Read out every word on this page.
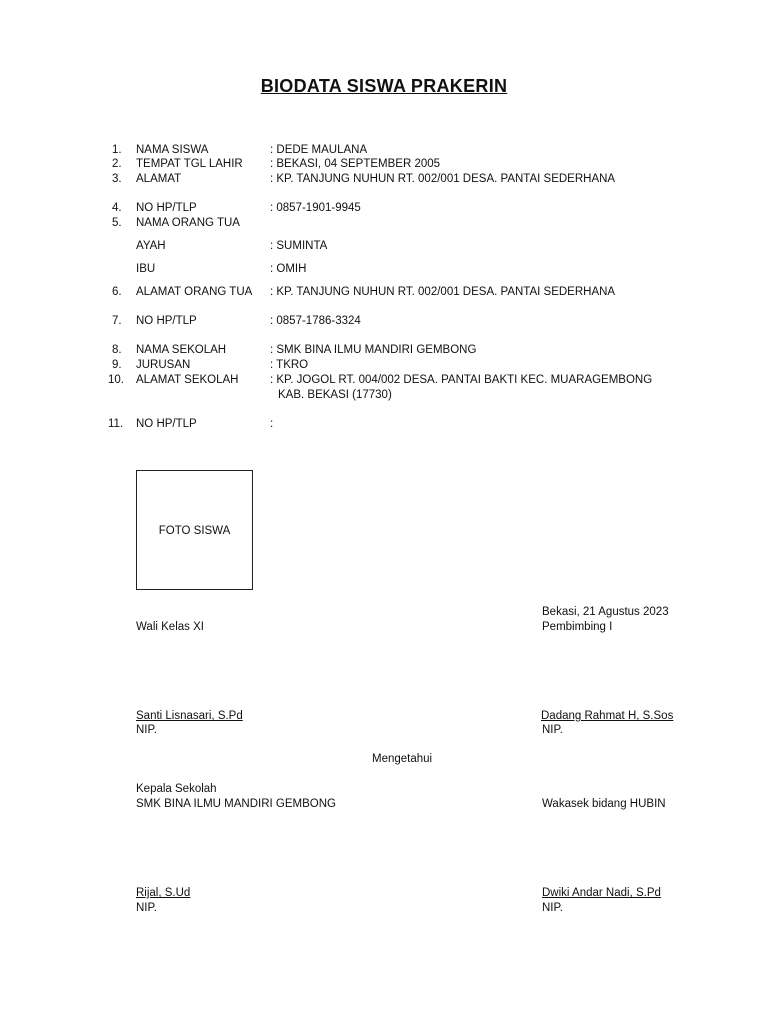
BIODATA SISWA PRAKERIN
1. NAMA SISWA	: DEDE MAULANA
2. TEMPAT TGL LAHIR : BEKASI, 04 SEPTEMBER 2005
3. ALAMAT	: KP. TANJUNG NUHUN RT. 002/001 DESA. PANTAI SEDERHANA
4. NO HP/TLP	: 0857-1901-9945
5. NAMA ORANG TUA
AYAH	: SUMINTA
IBU	: OMIH
6. ALAMAT ORANG TUA : KP. TANJUNG NUHUN RT. 002/001 DESA. PANTAI SEDERHANA
7. NO HP/TLP	: 0857-1786-3324
8. NAMA SEKOLAH	: SMK BINA ILMU MANDIRI GEMBONG
9. JURUSAN	: TKRO
10. ALAMAT SEKOLAH	: KP. JOGOL RT. 004/002 DESA. PANTAI BAKTI KEC. MUARAGEMBONG
KAB. BEKASI (17730)
11. NO HP/TLP	:
FOTO SISWA
Bekasi, 21 Agustus 2023
Wali Kelas XI	Pembimbing I
Santi Lisnasari, S.Pd
NIP.
Dadang Rahmat H, S.Sos
NIP.
Mengetahui
Kepala Sekolah
SMK BINA ILMU MANDIRI GEMBONG	Wakasek bidang HUBIN
Rijal, S.Ud
NIP.
Dwiki Andar Nadi, S.Pd
NIP.
